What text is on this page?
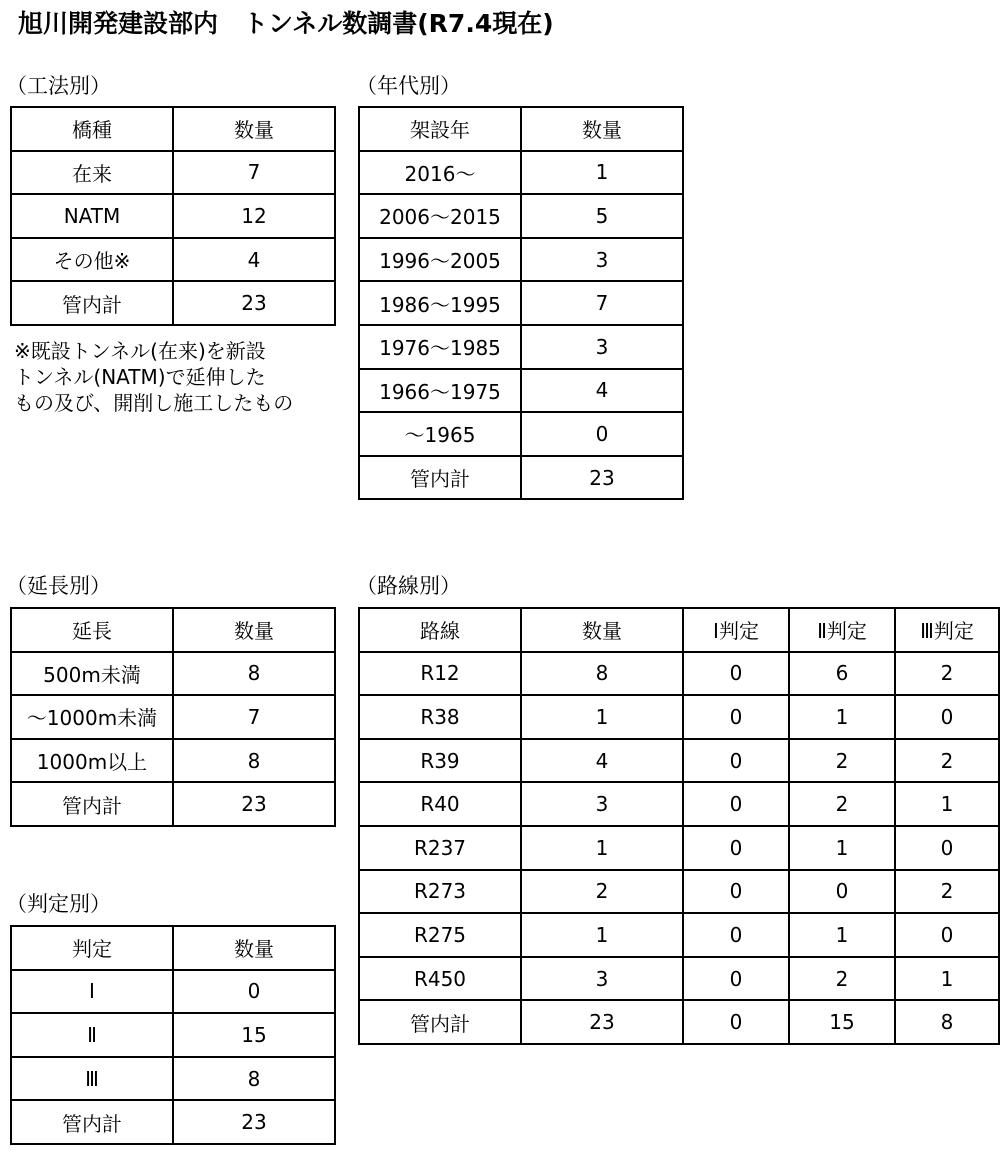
旭川開発建設部内　トンネル数調書(R7.4現在)
（工法別）
橋種	数量
在来	7
NATM	12
その他※	4
管内計	23
※既設トンネル(在来)を新設
トンネル(NATM)で延伸した
もの及び、開削し施工したもの
（年代別）
架設年	数量
2016～	1
2006～2015	5
1996～2005	3
1986～1995	7
1976～1985	3
1966～1975	4
～1965	0
管内計	23
（延長別）
延長	数量
500m未満	8
～1000m未満	7
1000m以上	8
管内計	23
（判定別）
判定	数量
Ⅰ	0
Ⅱ	15
Ⅲ	8
管内計	23
（路線別）
路線	数量	Ⅰ判定	Ⅱ判定	Ⅲ判定
R12	8	0	6	2
R38	1	0	1	0
R39	4	0	2	2
R40	3	0	2	1
R237	1	0	1	0
R273	2	0	0	2
R275	1	0	1	0
R450	3	0	2	1
管内計	23	0	15	8
